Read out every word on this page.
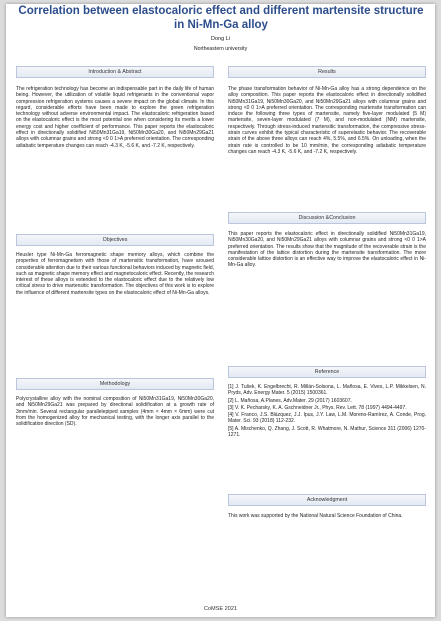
Correlation between elastocaloric effect and different martensite structure in Ni-Mn-Ga alloy
Dong Li
Northeastern university
Introduction & Abstract

The refrigeration technology has become an indispensable part in the daily life of human being. However, the utilization of volatile liquid refrigerants in the conventional vapor compression refrigeration systems causes a severe impact on the global climate. In this regard, considerable efforts have been made to explore the green refrigeration technology without adverse environmental impact. The elastocaloric refrigeration based on the elastocaloric effect is the most potential one when considering its merits a lower energy cost and higher coefficient of performance. This paper reports the elastocaloric effect in directionally solidified Ni50Mn31Ga19, Ni50Mn30Ga20, and Ni50Mn29Ga21 alloys with columnar grains and strong <0 0 1>A preferred orientation. The corresponding adiabatic temperature changes can reach -4.3 K, -5.6 K, and -7.2 K, respectively.

Objectives

Heusler type Ni-Mn-Ga ferromagnetic shape memory alloys, which combine the properties of ferromagnetism with those of martensitic transformation, have aroused considerable attention due to their various functional behaviors induced by magnetic field, such as magnetic shape memory effect and magnetocaloric effect. Recently, the research interest of these alloys is extended to the elastocaloric effect due to the relatively low critical stress to drive martensitic transformation. The objectives of this work is to explore the influence of different martensite types on the elastocaloric effect of Ni-Mn-Ga alloys.

Methodology

Polycrystalline alloy with the nominal composition of Ni50Mn31Ga19, Ni50Mn30Ga20, and Ni50Mn29Ga21 was prepared by directional solidification at a growth rate of 3mm/min. Several rectangular parallelepiped samples (4mm × 4mm × 6mm) were cut from the homogenized alloy for mechanical testing, with the longer axis parallel to the solidification direction (SD).

Results

The phase transformation behavior of Ni-Mn-Ga alloy has a strong dependence on the alloy composition. This paper reports the elastocaloric effect in directionally solidified Ni50Mn31Ga19, Ni50Mn30Ga20, and Ni50Mn29Ga21 alloys with columnar grains and strong <0 0 1>A preferred orientation. The corresponding martensite transformation can induce the following three types of martensite, namely five-layer modulated (5 M) martensite, seven-layer modulated (7 M), and non-modulated (NM) martensite, respectively. Through stress-induced martensitic transformation, the compressive stress-strain curves exhibit the typical characteristic of superelastic behavior. The recoverable strain of the above three alloys can reach 4%, 5.5%, and 6.5%. On unloading, when the strain rate is controlled to be 10 mm/min, the corresponding adiabatic temperature changes can reach -4.3 K, -5.6 K, and -7.2 K, respectively.

Discussion &Conclusion

This paper reports the elastocaloric effect in directionally solidified Ni50Mn31Ga19, Ni50Mn30Ga20, and Ni50Mn29Ga21 alloys with columnar grains and strong <0 0 1>A preferred orientation. The results show that the magnitude of the recoverable strain is the manifestation of the lattice distortion during the martensite transformation. The more considerable lattice distortion is an effective way to improve the elastocaloric effect in Ni-Mn-Ga alloy.

Reference
[1] J. Tušek, K. Engelbrecht, R. Millán-Solsona, L. Mañosa, E. Vives, L.P. Mikkelsen, N. Pryds, Adv. Energy Mater. 5 (2015) 1500361.
[2] L. Mañosa, A.Planes, Adv.Mater. 29 (2017) 1603607.
[3] V. K. Pecharsky, K. A. Gschneidner Jr., Phys. Rev. Lett. 78 (1997) 4494-4497.
[4] V. Franco, J.S. Blázquez, J.J. Ipus, J.Y. Law, L.M. Moreno-Ramírez, A. Conde, Prog. Mater. Sci. 93 (2018) 112-232.
[5] A. Mischenko, Q. Zhang, J. Scott, R. Whatmore, N. Mathur, Science 311 (2006) 1270-1271.
Acknowledgment

This work was supported by the National Natural Science Foundation of China.

CoMSE 2021
